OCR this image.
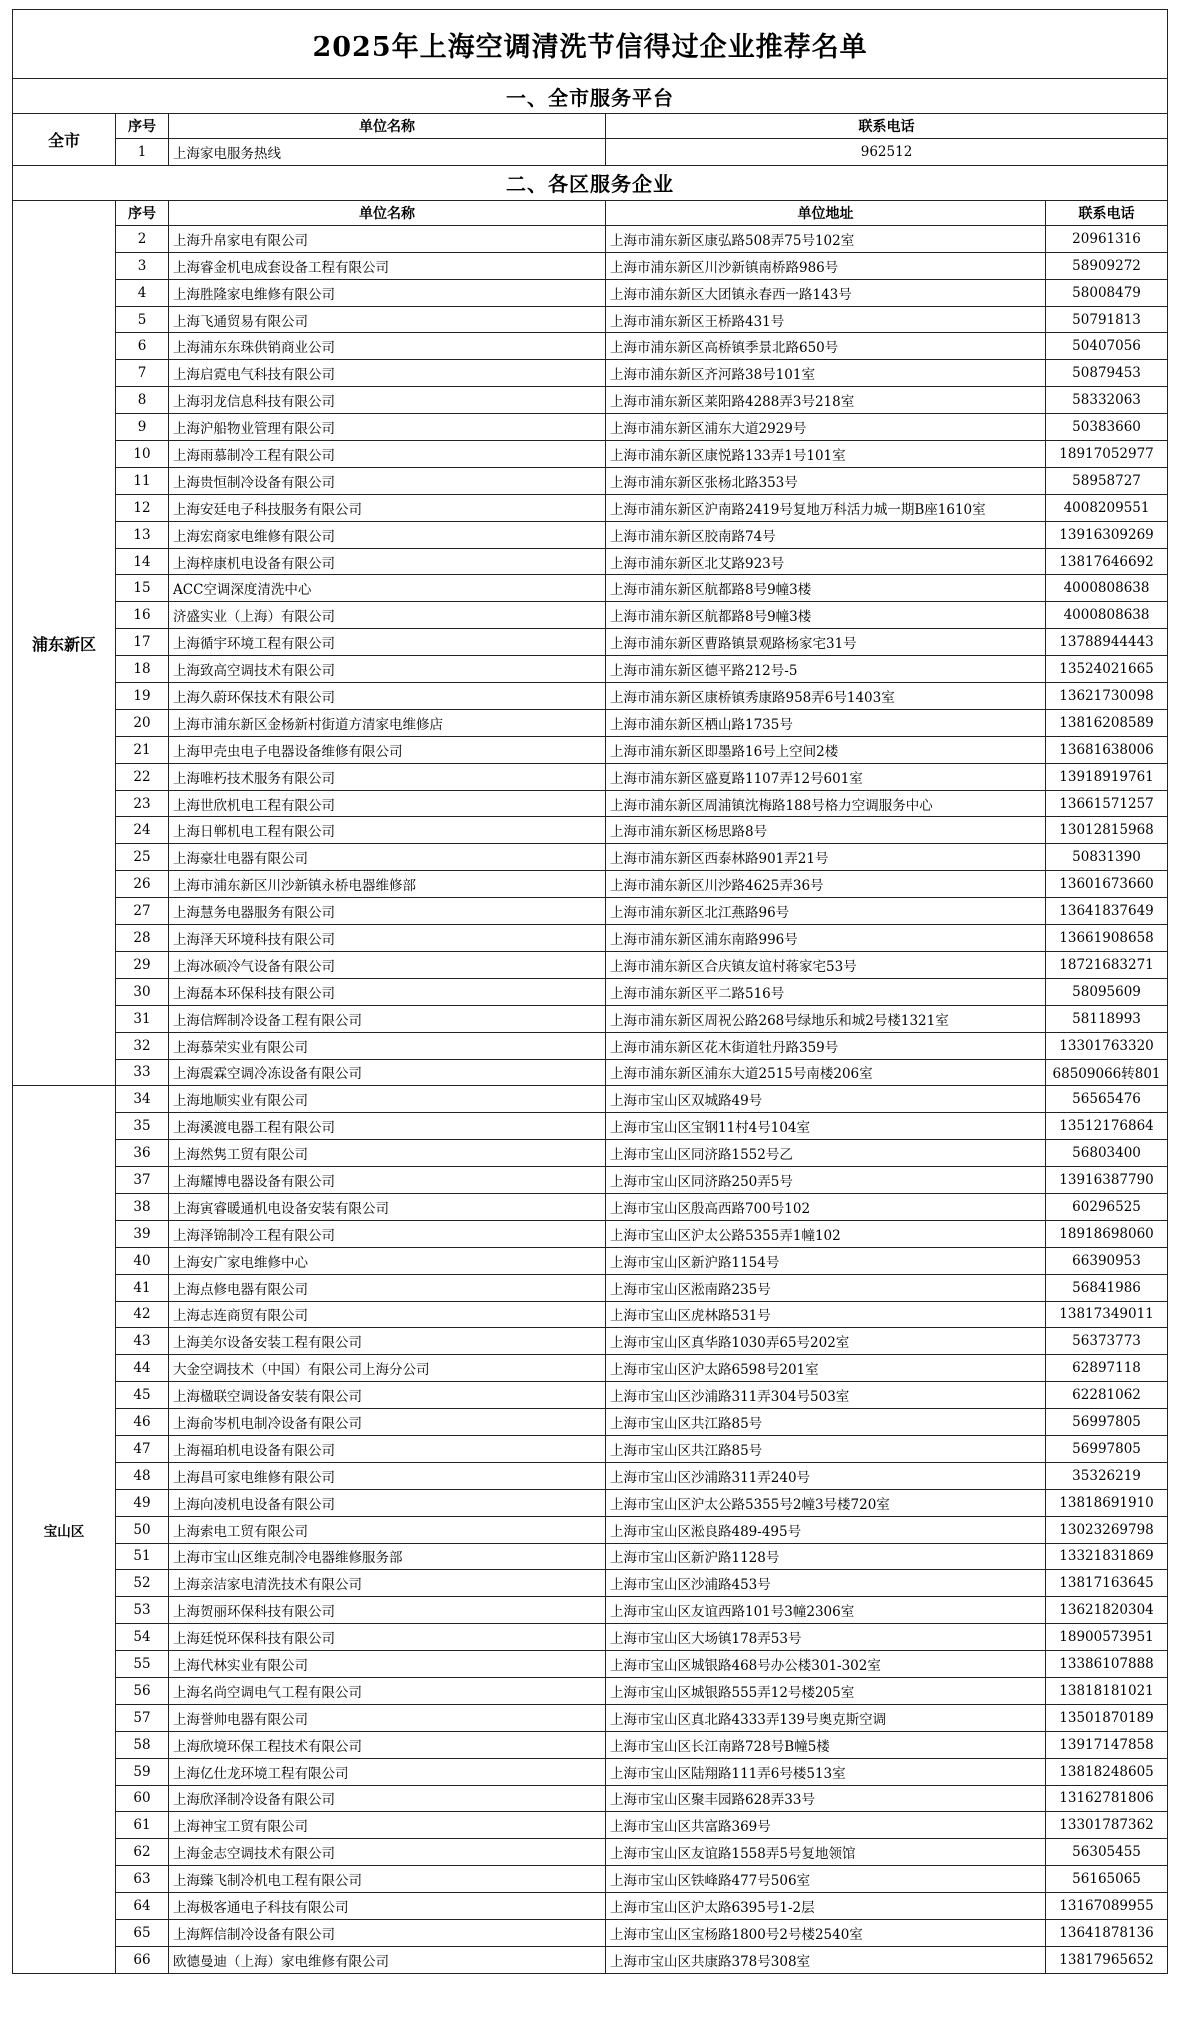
2025年上海空调清洗节信得过企业推荐名单				
一、全市服务平台				
全市	序号	单位名称	联系电话	
	1	上海家电服务热线	962512	
二、各区服务企业				
浦东新区	序号	单位名称	单位地址	联系电话
	2	上海升帛家电有限公司	上海市浦东新区康弘路508弄75号102室	20961316
	3	上海睿金机电成套设备工程有限公司	上海市浦东新区川沙新镇南桥路986号	58909272
	4	上海胜隆家电维修有限公司	上海市浦东新区大团镇永春西一路143号	58008479
	5	上海飞通贸易有限公司	上海市浦东新区王桥路431号	50791813
	6	上海浦东东珠供销商业公司	上海市浦东新区高桥镇季景北路650号	50407056
	7	上海启霓电气科技有限公司	上海市浦东新区齐河路38号101室	50879453
	8	上海羽龙信息科技有限公司	上海市浦东新区莱阳路4288弄3号218室	58332063
	9	上海沪船物业管理有限公司	上海市浦东新区浦东大道2929号	50383660
	10	上海雨慕制冷工程有限公司	上海市浦东新区康悦路133弄1号101室	18917052977
	11	上海贵恒制冷设备有限公司	上海市浦东新区张杨北路353号	58958727
	12	上海安廷电子科技服务有限公司	上海市浦东新区沪南路2419号复地万科活力城一期B座1610室	4008209551
	13	上海宏商家电维修有限公司	上海市浦东新区胶南路74号	13916309269
	14	上海梓康机电设备有限公司	上海市浦东新区北艾路923号	13817646692
	15	ACC空调深度清洗中心	上海市浦东新区航都路8号9幢3楼	4000808638
	16	济盛实业（上海）有限公司	上海市浦东新区航都路8号9幢3楼	4000808638
	17	上海循宇环境工程有限公司	上海市浦东新区曹路镇景观路杨家宅31号	13788944443
	18	上海致高空调技术有限公司	上海市浦东新区德平路212号-5	13524021665
	19	上海久蔚环保技术有限公司	上海市浦东新区康桥镇秀康路958弄6号1403室	13621730098
	20	上海市浦东新区金杨新村街道方清家电维修店	上海市浦东新区栖山路1735号	13816208589
	21	上海甲壳虫电子电器设备维修有限公司	上海市浦东新区即墨路16号上空间2楼	13681638006
	22	上海唯朽技术服务有限公司	上海市浦东新区盛夏路1107弄12号601室	13918919761
	23	上海世欣机电工程有限公司	上海市浦东新区周浦镇沈梅路188号格力空调服务中心	13661571257
	24	上海日郸机电工程有限公司	上海市浦东新区杨思路8号	13012815968
	25	上海豪壮电器有限公司	上海市浦东新区西泰林路901弄21号	50831390
	26	上海市浦东新区川沙新镇永桥电器维修部	上海市浦东新区川沙路4625弄36号	13601673660
	27	上海慧务电器服务有限公司	上海市浦东新区北江燕路96号	13641837649
	28	上海泽天环境科技有限公司	上海市浦东新区浦东南路996号	13661908658
	29	上海冰硕冷气设备有限公司	上海市浦东新区合庆镇友谊村蒋家宅53号	18721683271
	30	上海磊本环保科技有限公司	上海市浦东新区平二路516号	58095609
	31	上海信辉制冷设备工程有限公司	上海市浦东新区周祝公路268号绿地乐和城2号楼1321室	58118993
	32	上海慕荣实业有限公司	上海市浦东新区花木街道牡丹路359号	13301763320
	33	上海震霖空调冷冻设备有限公司	上海市浦东新区浦东大道2515号南楼206室	68509066转801
宝山区	34	上海地顺实业有限公司	上海市宝山区双城路49号	56565476
	35	上海溪渡电器工程有限公司	上海市宝山区宝钢11村4号104室	13512176864
	36	上海然隽工贸有限公司	上海市宝山区同济路1552号乙	56803400
	37	上海耀博电器设备有限公司	上海市宝山区同济路250弄5号	13916387790
	38	上海寅睿暖通机电设备安装有限公司	上海市宝山区殷高西路700号102	60296525
	39	上海泽锦制冷工程有限公司	上海市宝山区沪太公路5355弄1幢102	18918698060
	40	上海安广家电维修中心	上海市宝山区新沪路1154号	66390953
	41	上海点修电器有限公司	上海市宝山区淞南路235号	56841986
	42	上海志连商贸有限公司	上海市宝山区虎林路531号	13817349011
	43	上海美尔设备安装工程有限公司	上海市宝山区真华路1030弄65号202室	56373773
	44	大金空调技术（中国）有限公司上海分公司	上海市宝山区沪太路6598号201室	62897118
	45	上海楹联空调设备安装有限公司	上海市宝山区沙浦路311弄304号503室	62281062
	46	上海俞岑机电制冷设备有限公司	上海市宝山区共江路85号	56997805
	47	上海福珀机电设备有限公司	上海市宝山区共江路85号	56997805
	48	上海昌可家电维修有限公司	上海市宝山区沙浦路311弄240号	35326219
	49	上海向凌机电设备有限公司	上海市宝山区沪太公路5355号2幢3号楼720室	13818691910
	50	上海索电工贸有限公司	上海市宝山区淞良路489-495号	13023269798
	51	上海市宝山区维克制冷电器维修服务部	上海市宝山区新沪路1128号	13321831869
	52	上海亲洁家电清洗技术有限公司	上海市宝山区沙浦路453号	13817163645
	53	上海贺丽环保科技有限公司	上海市宝山区友谊西路101号3幢2306室	13621820304
	54	上海廷悦环保科技有限公司	上海市宝山区大场镇178弄53号	18900573951
	55	上海代林实业有限公司	上海市宝山区城银路468号办公楼301-302室	13386107888
	56	上海名尚空调电气工程有限公司	上海市宝山区城银路555弄12号楼205室	13818181021
	57	上海誉帅电器有限公司	上海市宝山区真北路4333弄139号奥克斯空调	13501870189
	58	上海欣境环保工程技术有限公司	上海市宝山区长江南路728号B幢5楼	13917147858
	59	上海亿仕龙环境工程有限公司	上海市宝山区陆翔路111弄6号楼513室	13818248605
	60	上海欣泽制冷设备有限公司	上海市宝山区聚丰园路628弄33号	13162781806
	61	上海神宝工贸有限公司	上海市宝山区共富路369号	13301787362
	62	上海金志空调技术有限公司	上海市宝山区友谊路1558弄5号复地领馆	56305455
	63	上海臻飞制冷机电工程有限公司	上海市宝山区铁峰路477号506室	56165065
	64	上海极客通电子科技有限公司	上海市宝山区沪太路6395号1-2层	13167089955
	65	上海辉信制冷设备有限公司	上海市宝山区宝杨路1800号2号楼2540室	13641878136
	66	欧德曼迪（上海）家电维修有限公司	上海市宝山区共康路378号308室	13817965652
